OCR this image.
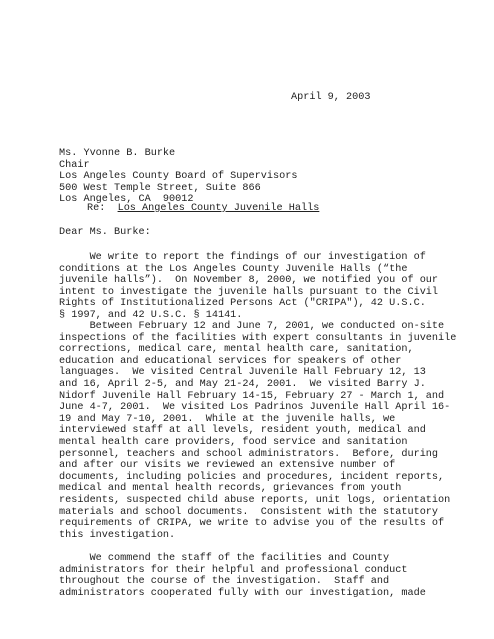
April 9, 2003
Ms. Yvonne B. Burke
Chair
Los Angeles County Board of Supervisors
500 West Temple Street, Suite 866
Los Angeles, CA  90012
Re: Los Angeles County Juvenile Halls
Dear Ms. Burke:
We write to report the findings of our investigation of
conditions at the Los Angeles County Juvenile Halls (“the
juvenile halls”).  On November 8, 2000, we notified you of our
intent to investigate the juvenile halls pursuant to the Civil
Rights of Institutionalized Persons Act ("CRIPA"), 42 U.S.C.
§ 1997, and 42 U.S.C. § 14141.
Between February 12 and June 7, 2001, we conducted on-site
inspections of the facilities with expert consultants in juvenile
corrections, medical care, mental health care, sanitation,
education and educational services for speakers of other
languages.  We visited Central Juvenile Hall February 12, 13
and 16, April 2-5, and May 21-24, 2001.  We visited Barry J.
Nidorf Juvenile Hall February 14-15, February 27 - March 1, and
June 4-7, 2001.  We visited Los Padrinos Juvenile Hall April 16-
19 and May 7-10, 2001.  While at the juvenile halls, we
interviewed staff at all levels, resident youth, medical and
mental health care providers, food service and sanitation
personnel, teachers and school administrators.  Before, during
and after our visits we reviewed an extensive number of
documents, including policies and procedures, incident reports,
medical and mental health records, grievances from youth
residents, suspected child abuse reports, unit logs, orientation
materials and school documents.  Consistent with the statutory
requirements of CRIPA, we write to advise you of the results of
this investigation.
We commend the staff of the facilities and County
administrators for their helpful and professional conduct
throughout the course of the investigation.  Staff and
administrators cooperated fully with our investigation, made
